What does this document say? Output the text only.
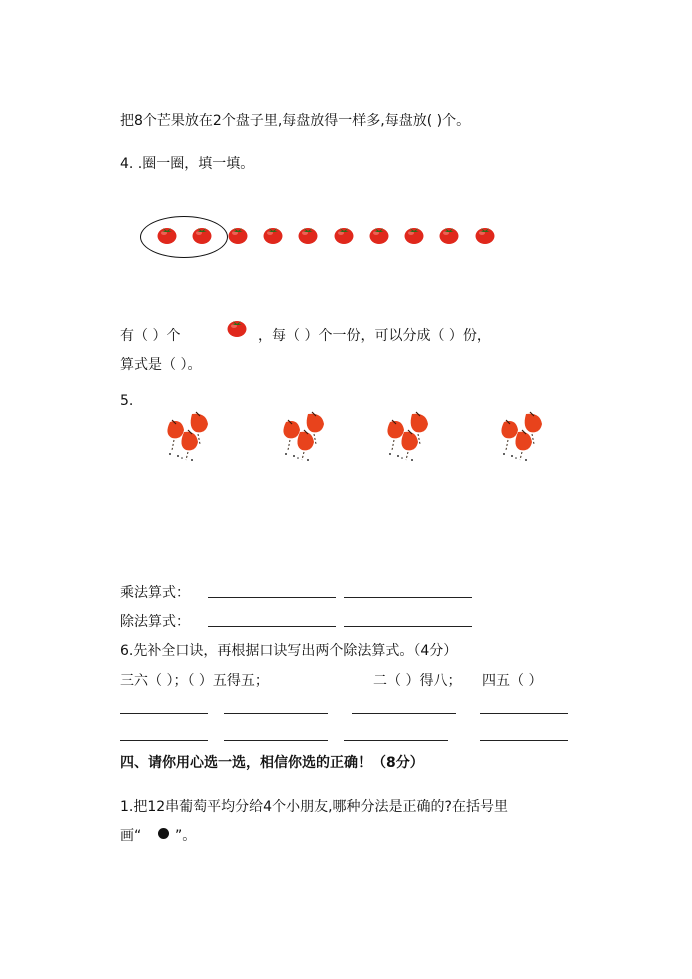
把8个芒果放在2个盘子里,每盘放得一样多,每盘放( )个。
4. .圈一圈，填一填。
有（ ）个	，每（ ）个一份，可以分成（ ）份，
算式是（ ）。
5.
乘法算式：
除法算式：
6.先补全口诀，再根据口诀写出两个除法算式。（4分）
三六（ ）；（ ）五得五；	二（ ）得八； 四五（ ）
四、请你用心选一选，相信你选的正确！（8分）
1.把12串葡萄平均分给4个小朋友,哪种分法是正确的?在括号里
画“ ”。
